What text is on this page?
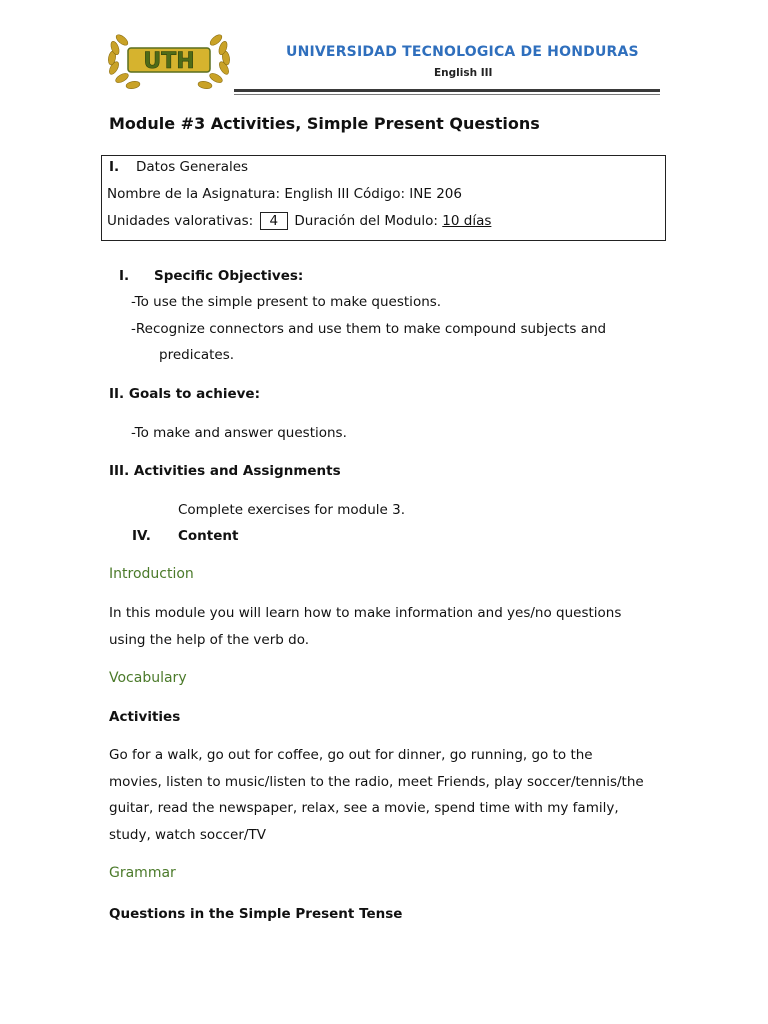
UTH	UNIVERSIDAD TECNOLOGICA DE HONDURAS
English III
Module #3 Activities, Simple Present Questions
I. Datos Generales
Nombre de la Asignatura: English III Código: INE 206
Unidades valorativas: 4 Duración del Modulo: 10 días
I. Specific Objectives:
-To use the simple present to make questions.
-Recognize connectors and use them to make compound subjects and
predicates.
II. Goals to achieve:
-To make and answer questions.
III. Activities and Assignments
Complete exercises for module 3.
IV. Content
Introduction
In this module you will learn how to make information and yes/no questions
using the help of the verb do.
Vocabulary
Activities
Go for a walk, go out for coffee, go out for dinner, go running, go to the
movies, listen to music/listen to the radio, meet Friends, play soccer/tennis/the
guitar, read the newspaper, relax, see a movie, spend time with my family,
study, watch soccer/TV
Grammar
Questions in the Simple Present Tense
